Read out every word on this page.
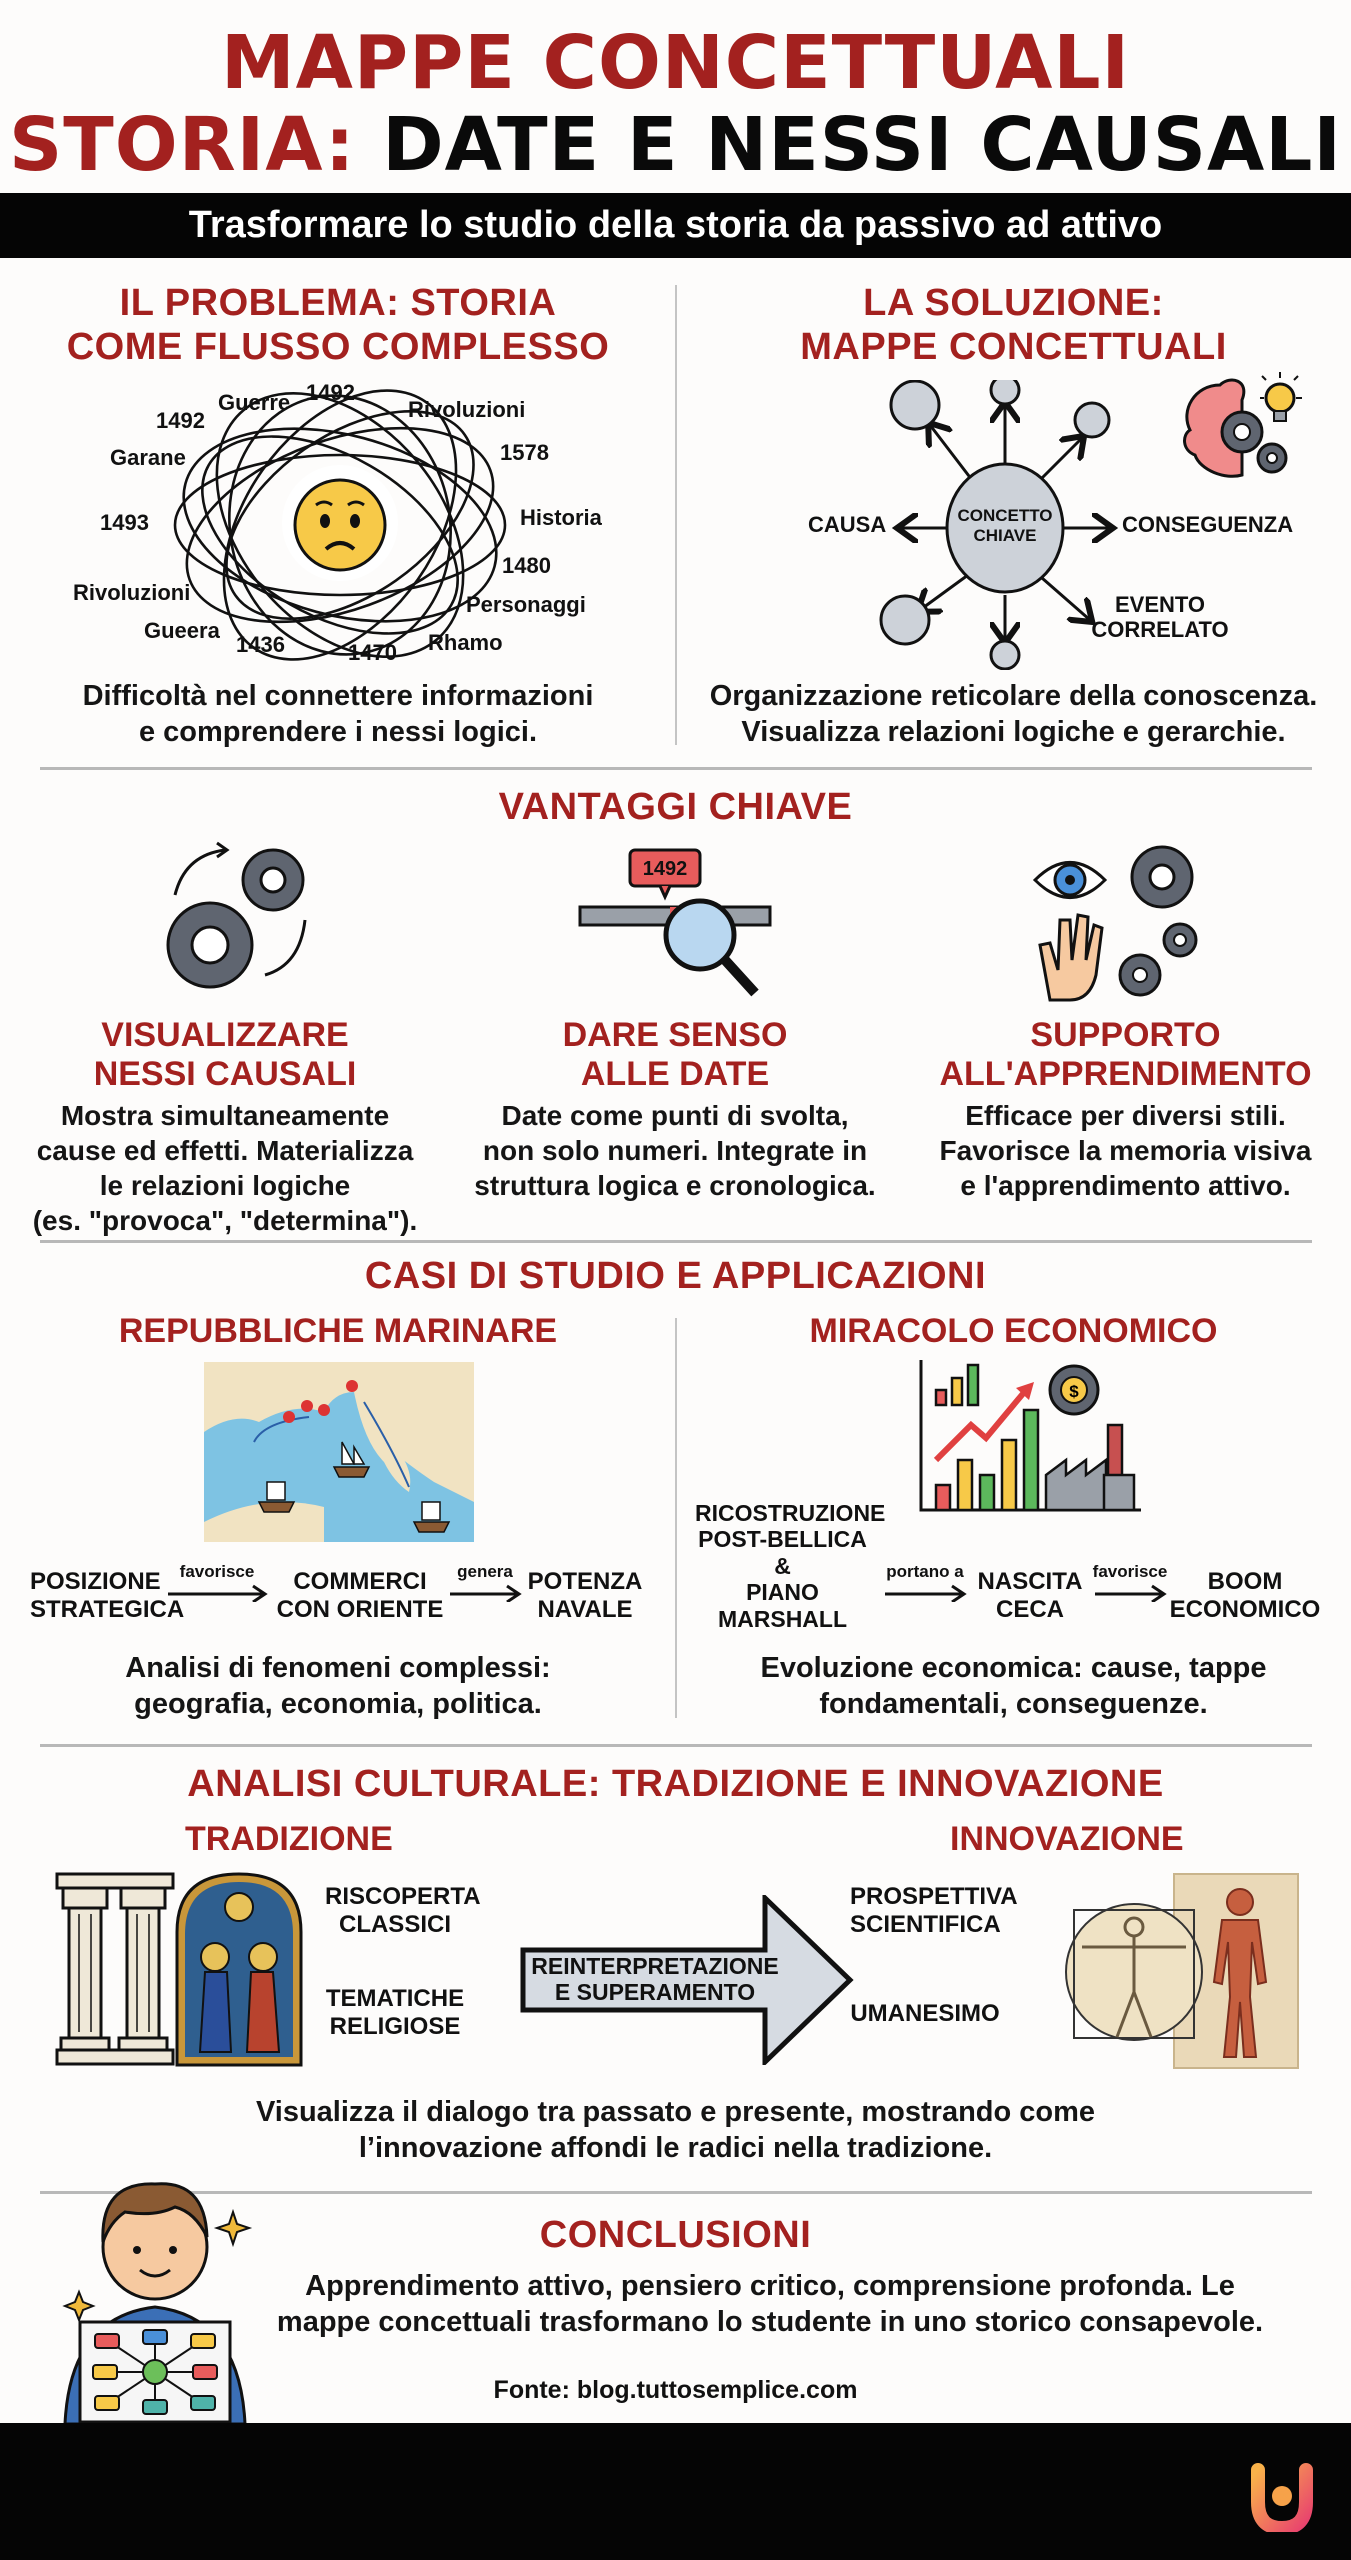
MAPPE CONCETTUALI
STORIA: DATE E NESSI CAUSALI
Trasformare lo studio della storia da passivo ad attivo
IL PROBLEMA: STORIA
COME FLUSSO COMPLESSO
Guerre 1492
1492	Rivoluzioni
Garane	1578
1493	Historia
1480
Rivoluzioni	Personaggi
Gueera
1436	1470 Rhamo
Difficoltà nel connettere informazioni
e comprendere i nessi logici.
LA SOLUZIONE:
MAPPE CONCETTUALI
CONCETTO
CHIAVE
CAUSA	CONSEGUENZA
EVENTO
CORRELATO
Organizzazione reticolare della conoscenza.
Visualizza relazioni logiche e gerarchie.
VANTAGGI CHIAVE
1492
VISUALIZZARE
NESSI CAUSALI
DARE SENSO
ALLE DATE
SUPPORTO
ALL'APPRENDIMENTO
Mostra simultaneamente
cause ed effetti. Materializza
le relazioni logiche
(es. "provoca", "determina").
Date come punti di svolta,
non solo numeri. Integrate in
struttura logica e cronologica.
Efficace per diversi stili.
Favorisce la memoria visiva
e l'apprendimento attivo.
CASI DI STUDIO E APPLICAZIONI
REPUBBLICHE MARINARE	MIRACOLO ECONOMICO
$
POSIZIONE
STRATEGICA
favorisce	COMMERCI
CON ORIENTE
genera POTENZA
NAVALE
RICOSTRUZIONE
POST-BELLICA
&
PIANO
MARSHALL
portano a NASCITA
CECA
favorisce	BOOM
ECONOMICO
Analisi di fenomeni complessi:
geografia, economia, politica.
Evoluzione economica: cause, tappe
fondamentali, conseguenze.
ANALISI CULTURALE: TRADIZIONE E INNOVAZIONE
TRADIZIONE	INNOVAZIONE
RISCOPERTA
CLASSICI
TEMATICHE
RELIGIOSE
REINTERPRETAZIONE
E SUPERAMENTO
PROSPETTIVA
SCIENTIFICA
UMANESIMO
Visualizza il dialogo tra passato e presente, mostrando come
l’innovazione affondi le radici nella tradizione.
CONCLUSIONI
Apprendimento attivo, pensiero critico, comprensione profonda. Le
mappe concettuali trasformano lo studente in uno storico consapevole.
Fonte: blog.tuttosemplice.com
